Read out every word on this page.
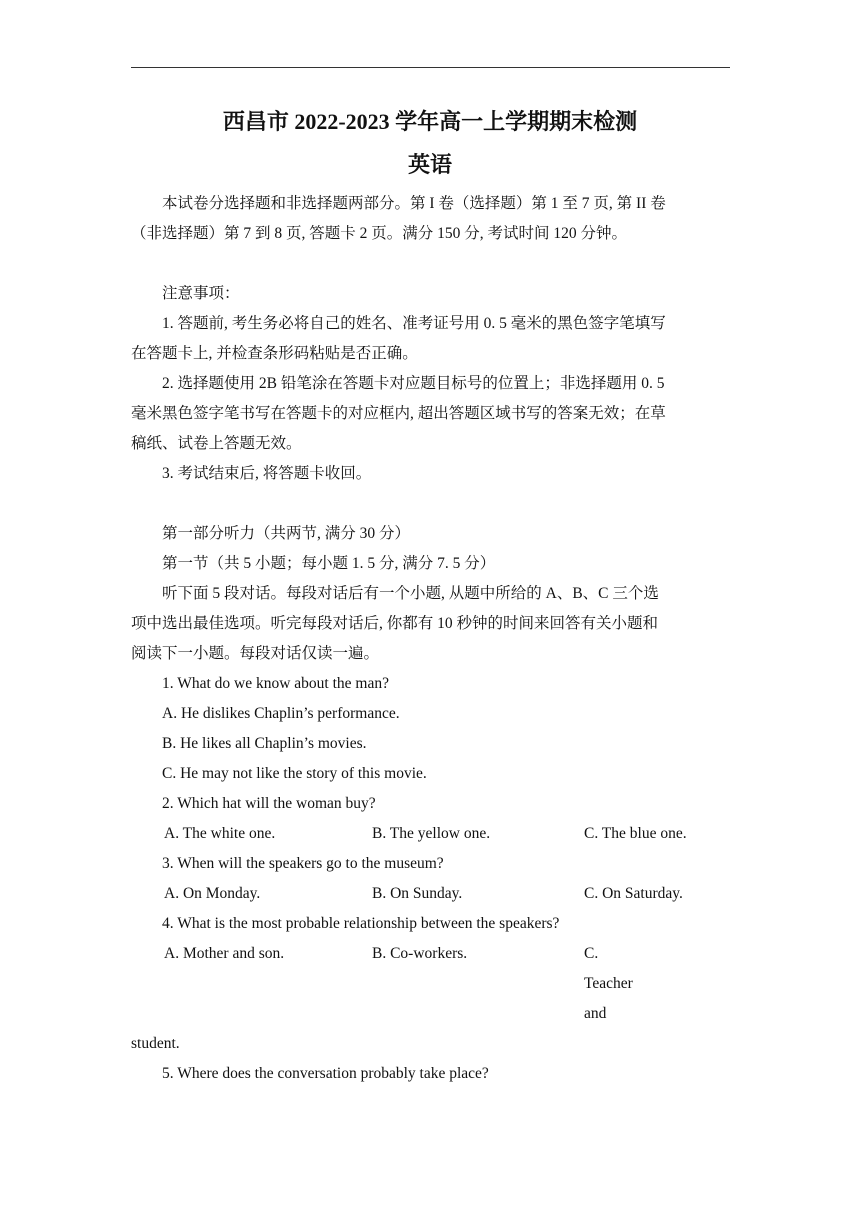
西昌市 2022-2023 学年高一上学期期末检测
英语

本试卷分选择题和非选择题两部分。第 I 卷（选择题）第 1 至 7 页, 第 II 卷

（非选择题）第 7 到 8 页, 答题卡 2 页。满分 150 分, 考试时间 120 分钟。

注意事项：

1. 答题前, 考生务必将自己的姓名、准考证号用 0. 5 毫米的黑色签字笔填写

在答题卡上, 并检查条形码粘贴是否正确。

2. 选择题使用 2B 铅笔涂在答题卡对应题目标号的位置上；非选择题用 0. 5

毫米黑色签字笔书写在答题卡的对应框内, 超出答题区域书写的答案无效；在草

稿纸、试卷上答题无效。

3. 考试结束后, 将答题卡收回。

第一部分听力（共两节, 满分 30 分）

第一节（共 5 小题；每小题 1. 5 分, 满分 7. 5 分）

听下面 5 段对话。每段对话后有一个小题, 从题中所给的 A、B、C 三个选

项中选出最佳选项。听完每段对话后, 你都有 10 秒钟的时间来回答有关小题和

阅读下一小题。每段对话仅读一遍。

1. What do we know about the man?

A. He dislikes Chaplin’s performance.

B. He likes all Chaplin’s movies.

C. He may not like the story of this movie.

2. Which hat will the woman buy?

A. The white one.	B. The yellow one.	C. The blue one.

3. When will the speakers go to the museum?

A. On Monday.	B. On Sunday.	C. On Saturday.

4. What is the most probable relationship between the speakers?

A. Mother and son.	B. Co-workers.	C.
Teacher
and

student.

5. Where does the conversation probably take place?
